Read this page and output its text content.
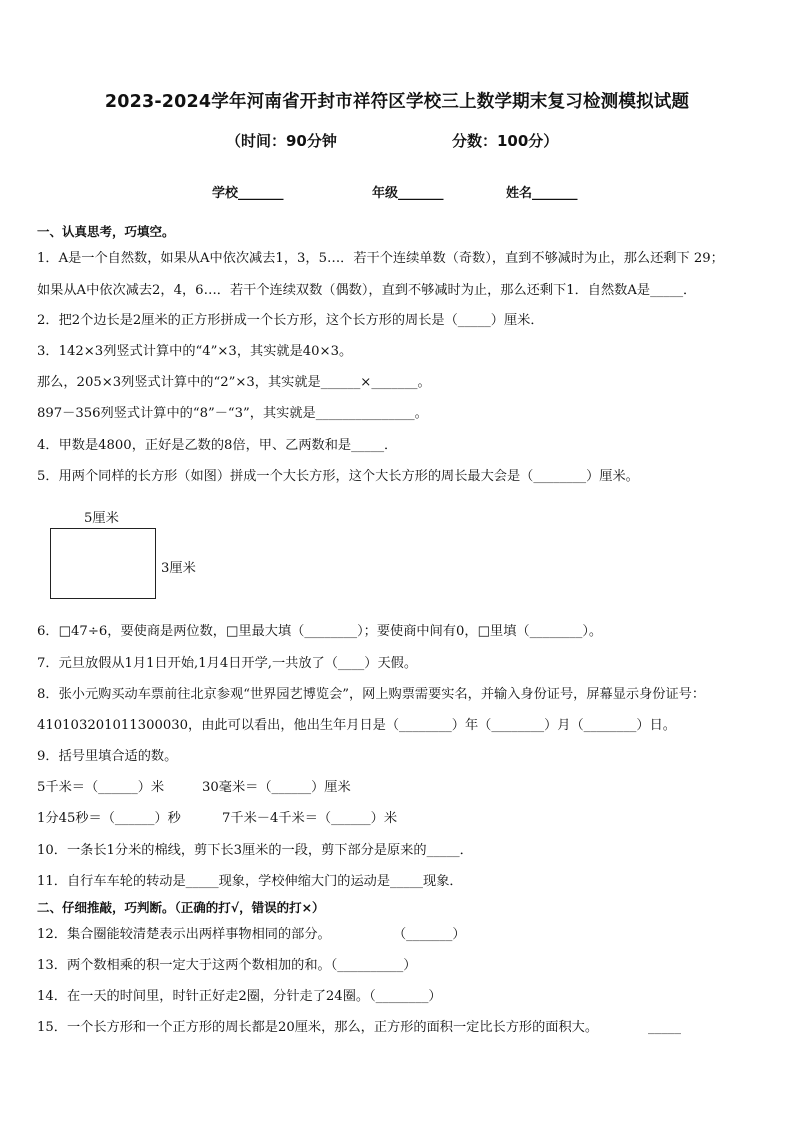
2023-2024学年河南省开封市祥符区学校三上数学期末复习检测模拟试题
（时间：90分钟	分数：100分）
学校_______	年级_______	姓名_______
一、认真思考，巧填空。
1．A是一个自然数，如果从A中依次减去1，3，5…．若干个连续单数（奇数），直到不够减时为止，那么还剩下 29；
如果从A中依次减去2，4，6…．若干个连续双数（偶数），直到不够减时为止，那么还剩下1．自然数A是_____．
2．把2个边长是2厘米的正方形拼成一个长方形，这个长方形的周长是（_____）厘米．
3．142×3列竖式计算中的“4”×3，其实就是40×3。
那么，205×3列竖式计算中的“2”×3，其实就是______×_______。
897－356列竖式计算中的“8”－“3”，其实就是_______________。
4．甲数是4800，正好是乙数的8倍，甲、乙两数和是_____．
5．用两个同样的长方形（如图）拼成一个大长方形，这个大长方形的周长最大会是（________）厘米。
5厘米
3厘米
6．□47÷6，要使商是两位数，□里最大填（________）；要使商中间有0，□里填（________）。
7．元旦放假从1月1日开始,1月4日开学,一共放了（____）天假。
8．张小元购买动车票前往北京参观“世界园艺博览会”，网上购票需要实名，并输入身份证号，屏幕显示身份证号：
410103201011300030，由此可以看出，他出生年月日是（________）年（________）月（________）日。
9．括号里填合适的数。
5千米＝（______）米	30毫米＝（______）厘米
1分45秒＝（______）秒	7千米－4千米＝（______）米
10．一条长1分米的棉线，剪下长3厘米的一段，剪下部分是原来的_____．
11．自行车车轮的转动是_____现象，学校伸缩大门的运动是_____现象．
二、仔细推敲，巧判断。（正确的打√，错误的打×）
12．集合圈能较清楚表示出两样事物相同的部分。	（_______）
13．两个数相乘的积一定大于这两个数相加的和。（__________）
14．在一天的时间里，时针正好走2圈，分针走了24圈。（________）
15．一个长方形和一个正方形的周长都是20厘米，那么，正方形的面积一定比长方形的面积大。	_____
